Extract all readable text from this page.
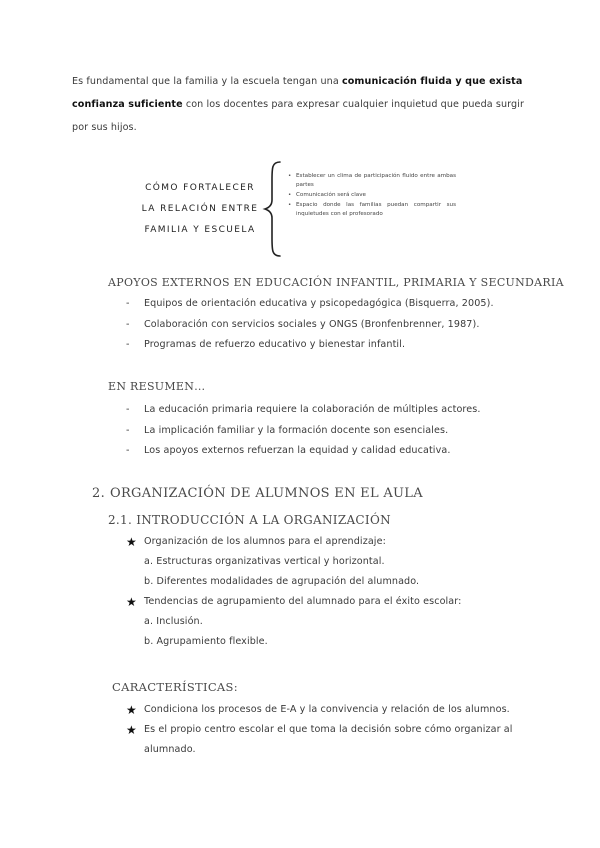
Es fundamental que la familia y la escuela tengan una comunicación fluida y que exista confianza suficiente con los docentes para expresar cualquier inquietud que pueda surgir por sus hijos.
CÓMO FORTALECER
LA RELACIÓN ENTRE
FAMILIA Y ESCUELA
• Establecer un clima de participación fluido entre ambas partes
• Comunicación será clave
• Espacio donde las familias puedan compartir sus inquietudes con el profesorado
APOYOS EXTERNOS EN EDUCACIÓN INFANTIL, PRIMARIA Y SECUNDARIA
- Equipos de orientación educativa y psicopedagógica (Bisquerra, 2005).
- Colaboración con servicios sociales y ONGS (Bronfenbrenner, 1987).
- Programas de refuerzo educativo y bienestar infantil.
EN RESUMEN…
- La educación primaria requiere la colaboración de múltiples actores.
- La implicación familiar y la formación docente son esenciales.
- Los apoyos externos refuerzan la equidad y calidad educativa.
2. ORGANIZACIÓN DE ALUMNOS EN EL AULA
2.1. INTRODUCCIÓN A LA ORGANIZACIÓN
★ Organización de los alumnos para el aprendizaje:
a. Estructuras organizativas vertical y horizontal.
b. Diferentes modalidades de agrupación del alumnado.
★ Tendencias de agrupamiento del alumnado para el éxito escolar:
a. Inclusión.
b. Agrupamiento flexible.
CARACTERÍSTICAS:
★ Condiciona los procesos de E-A y la convivencia y relación de los alumnos.
★ Es el propio centro escolar el que toma la decisión sobre cómo organizar al alumnado.
